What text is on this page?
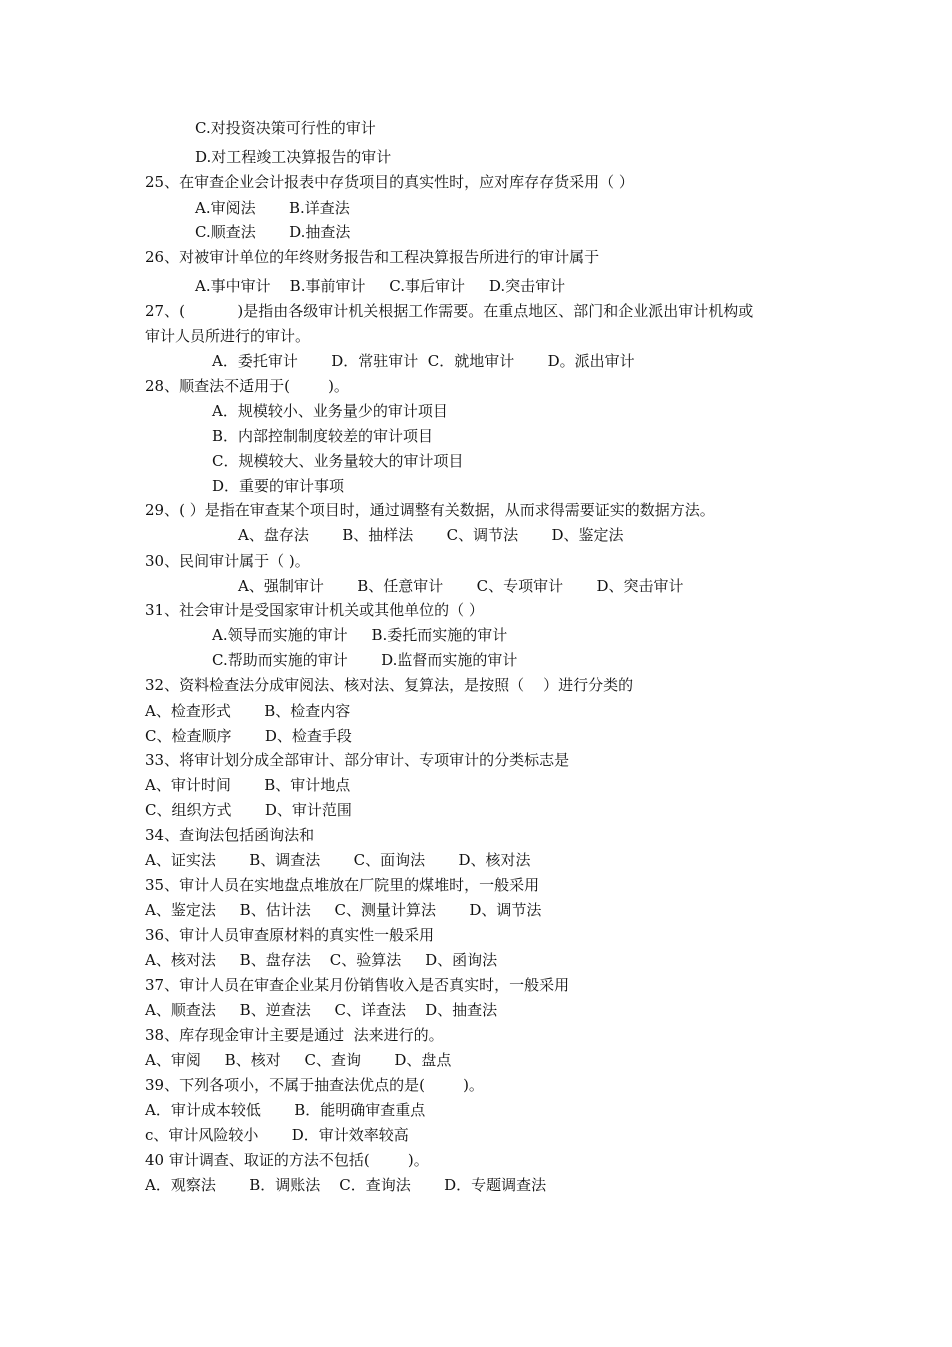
C.对投资决策可行性的审计
D.对工程竣工决算报告的审计
25、在审查企业会计报表中存货项目的真实性时，应对库存存货采用（ ）
A.审阅法       B.详查法
C.顺查法       D.抽查法
26、对被审计单位的年终财务报告和工程决算报告所进行的审计属于
A.事中审计    B.事前审计     C.事后审计     D.突击审计
27、(           )是指由各级审计机关根据工作需要。在重点地区、部门和企业派出审计机构或
审计人员所进行的审计。
A．委托审计       D．常驻审计  C．就地审计       D。派出审计
28、顺查法不适用于(        )。
A．规模较小、业务量少的审计项目
B．内部控制制度较差的审计项目
C．规模较大、业务量较大的审计项目
D．重要的审计事项
29、( ）是指在审查某个项目时，通过调整有关数据，从而求得需要证实的数据方法。
A、盘存法       B、抽样法       C、调节法       D、鉴定法
30、民间审计属于（ )。
A、强制审计       B、任意审计       C、专项审计       D、突击审计
31、社会审计是受国家审计机关或其他单位的（ ）
A.领导而实施的审计     B.委托而实施的审计
C.帮助而实施的审计       D.监督而实施的审计
32、资料检查法分成审阅法、核对法、复算法，是按照（    ）进行分类的
A、检查形式       B、检查内容
C、检查顺序       D、检查手段
33、将审计划分成全部审计、部分审计、专项审计的分类标志是
A、审计时间       B、审计地点
C、组织方式       D、审计范围
34、查询法包括函询法和
A、证实法       B、调查法       C、面询法       D、核对法
35、审计人员在实地盘点堆放在厂院里的煤堆时，一般采用
A、鉴定法     B、估计法     C、测量计算法       D、调节法
36、审计人员审查原材料的真实性一般采用
A、核对法     B、盘存法    C、验算法     D、函询法
37、审计人员在审查企业某月份销售收入是否真实时，一般采用
A、顺查法     B、逆查法     C、详查法    D、抽查法
38、库存现金审计主要是通过  法来进行的。
A、审阅     B、核对     C、查询       D、盘点
39、下列各项小，不属于抽查法优点的是(        )。
A．审计成本较低       B．能明确审查重点
c、审计风险较小       D．审计效率较高
40 审计调查、取证的方法不包括(        )。
A．观察法       B．调账法    C．查询法       D．专题调查法
